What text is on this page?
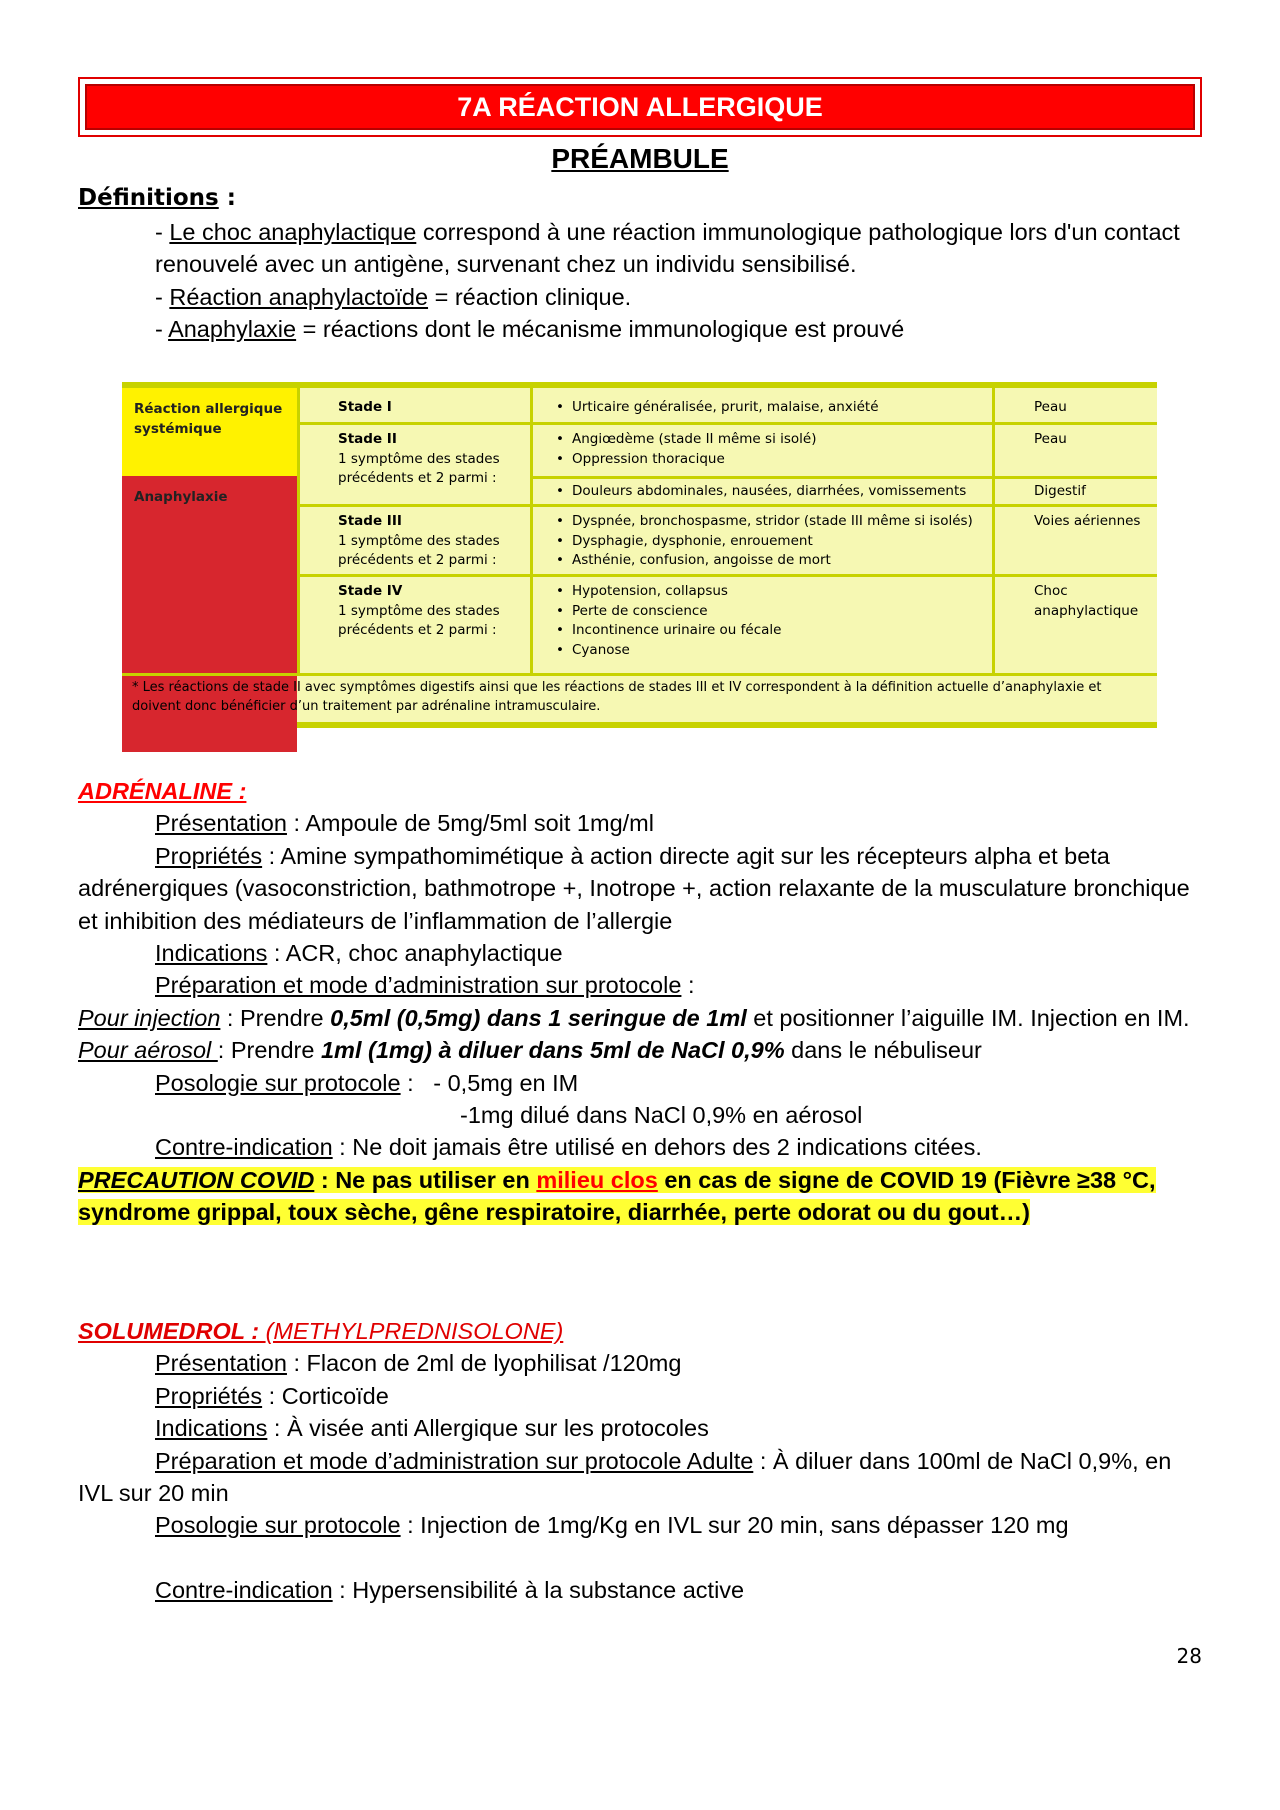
7A RÉACTION ALLERGIQUE
PRÉAMBULE
Définitions :
- Le choc anaphylactique correspond à une réaction immunologique pathologique lors d'un contact renouvelé avec un antigène, survenant chez un individu sensibilisé.
- Réaction anaphylactoïde = réaction clinique.
- Anaphylaxie = réactions dont le mécanisme immunologique est prouvé
Réaction allergique systémique
Anaphylaxie
Stade I
•	Urticaire généralisée, prurit, malaise, anxiété	Peau
Stade II
1 symptôme des stades précédents et 2 parmi :
• Angiœdème (stade II même si isolé)
• Oppression thoracique
Peau
• Douleurs abdominales, nausées, diarrhées, vomissements	Digestif
Stade III
1 symptôme des stades précédents et 2 parmi :
• Dyspnée, bronchospasme, stridor (stade III même si isolés)
• Dysphagie, dysphonie, enrouement
• Asthénie, confusion, angoisse de mort
Voies aériennes
Stade IV
1 symptôme des stades précédents et 2 parmi :
• Hypotension, collapsus
• Perte de conscience
• Incontinence urinaire ou fécale
• Cyanose
Choc anaphylactique
* Les réactions de stade II avec symptômes digestifs ainsi que les réactions de stades III et IV correspondent à la définition actuelle d’anaphylaxie et doivent donc bénéficier d’un traitement par adrénaline intramusculaire.
ADRÉNALINE :
Présentation : Ampoule de 5mg/5ml soit 1mg/ml
Propriétés : Amine sympathomimétique à action directe agit sur les récepteurs alpha et beta adrénergiques (vasoconstriction, bathmotrope +, Inotrope +, action relaxante de la musculature bronchique et inhibition des médiateurs de l’inflammation de l’allergie
Indications : ACR, choc anaphylactique
Préparation et mode d’administration sur protocole :
Pour injection : Prendre 0,5ml (0,5mg) dans 1 seringue de 1ml et positionner l’aiguille IM. Injection en IM.
Pour aérosol : Prendre 1ml (1mg) à diluer dans 5ml de NaCl 0,9% dans le nébuliseur
Posologie sur protocole :   - 0,5mg en IM
-1mg dilué dans NaCl 0,9% en aérosol
Contre-indication : Ne doit jamais être utilisé en dehors des 2 indications citées.
PRECAUTION COVID : Ne pas utiliser en milieu clos en cas de signe de COVID 19 (Fièvre ≥38 °C, syndrome grippal, toux sèche, gêne respiratoire, diarrhée, perte odorat ou du gout…)
SOLUMEDROL : (METHYLPREDNISOLONE)
Présentation : Flacon de 2ml de lyophilisat /120mg
Propriétés : Corticoïde
Indications : À visée anti Allergique sur les protocoles
Préparation et mode d’administration sur protocole Adulte : À diluer dans 100ml de NaCl 0,9%, en IVL sur 20 min
Posologie sur protocole : Injection de 1mg/Kg en IVL sur 20 min, sans dépasser 120 mg
Contre-indication : Hypersensibilité à la substance active
28
